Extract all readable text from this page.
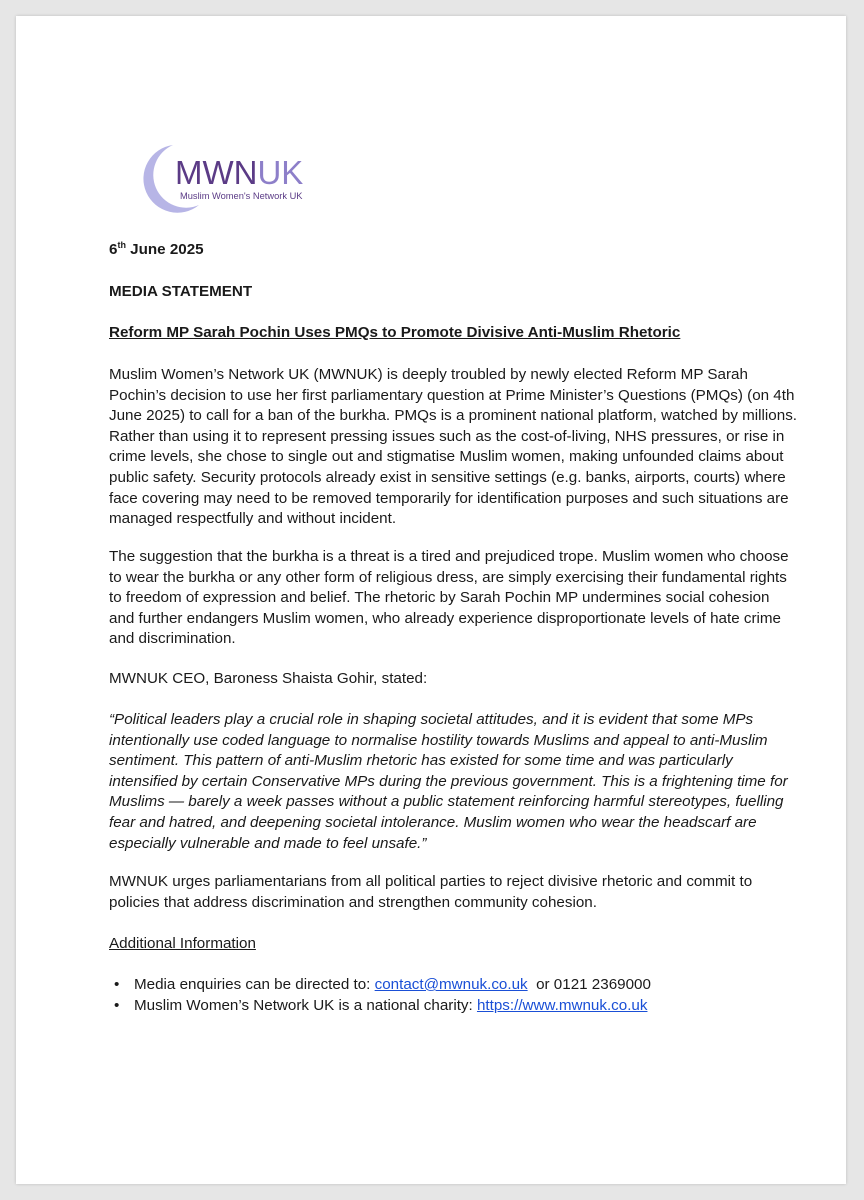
MWNUK
Muslim Women's Network UK
6th June 2025
MEDIA STATEMENT
Reform MP Sarah Pochin Uses PMQs to Promote Divisive Anti-Muslim Rhetoric

Muslim Women’s Network UK (MWNUK) is deeply troubled by newly elected Reform MP Sarah Pochin’s decision to use her first parliamentary question at Prime Minister’s Questions (PMQs) (on 4th June 2025) to call for a ban of the burkha. PMQs is a prominent national platform, watched by millions. Rather than using it to represent pressing issues such as the cost-of-living, NHS pressures, or rise in crime levels, she chose to single out and stigmatise Muslim women, making unfounded claims about public safety. Security protocols already exist in sensitive settings (e.g. banks, airports, courts) where face covering may need to be removed temporarily for identification purposes and such situations are managed respectfully and without incident.

The suggestion that the burkha is a threat is a tired and prejudiced trope. Muslim women who choose to wear the burkha or any other form of religious dress, are simply exercising their fundamental rights to freedom of expression and belief. The rhetoric by Sarah Pochin MP undermines social cohesion and further endangers Muslim women, who already experience disproportionate levels of hate crime and discrimination.

MWNUK CEO, Baroness Shaista Gohir, stated:

“Political leaders play a crucial role in shaping societal attitudes, and it is evident that some MPs intentionally use coded language to normalise hostility towards Muslims and appeal to anti-Muslim sentiment. This pattern of anti-Muslim rhetoric has existed for some time and was particularly intensified by certain Conservative MPs during the previous government. This is a frightening time for Muslims — barely a week passes without a public statement reinforcing harmful stereotypes, fuelling fear and hatred, and deepening societal intolerance. Muslim women who wear the headscarf are especially vulnerable and made to feel unsafe.”

MWNUK urges parliamentarians from all political parties to reject divisive rhetoric and commit to policies that address discrimination and strengthen community cohesion.

Additional Information
• Media enquiries can be directed to: contact@mwnuk.co.uk  or 0121 2369000
• Muslim Women’s Network UK is a national charity: https://www.mwnuk.co.uk
